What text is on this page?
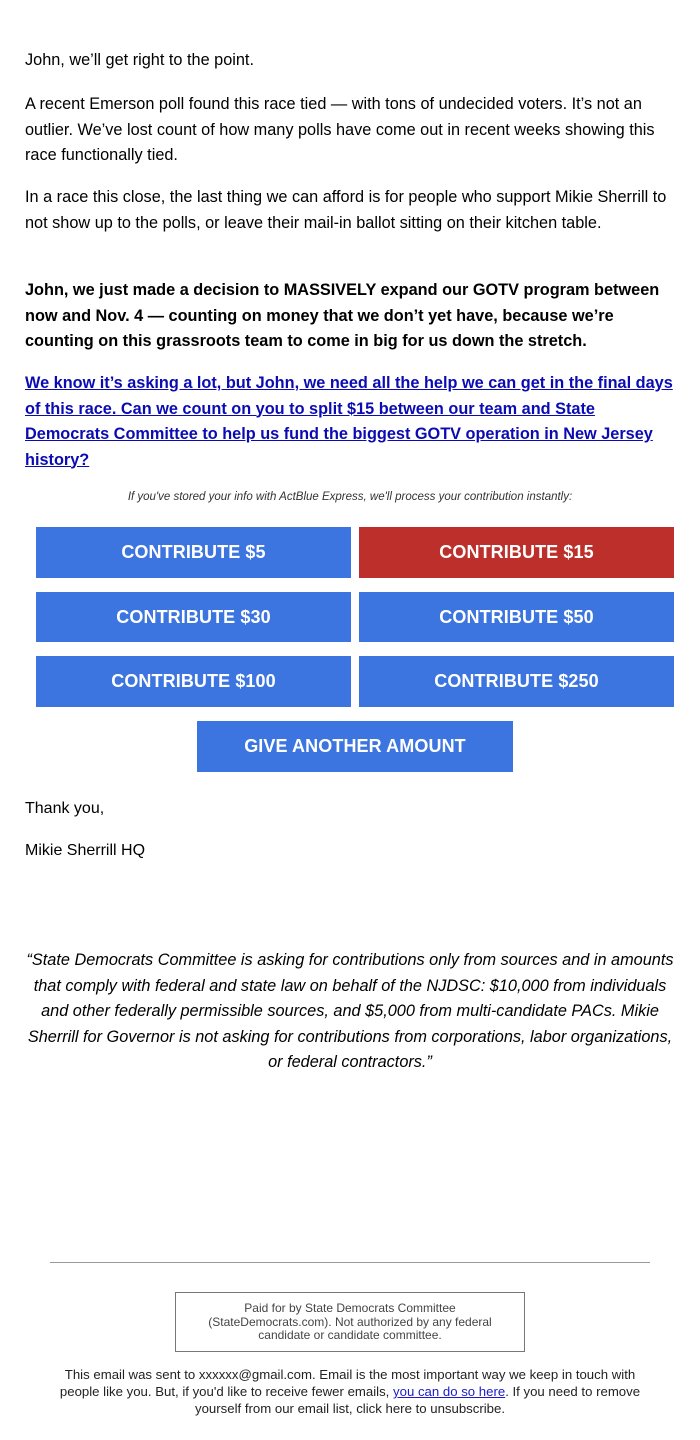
John, we’ll get right to the point.

A recent Emerson poll found this race tied — with tons of undecided voters. It’s not an outlier. We’ve lost count of how many polls have come out in recent weeks showing this race functionally tied.

In a race this close, the last thing we can afford is for people who support Mikie Sherrill to not show up to the polls, or leave their mail-in ballot sitting on their kitchen table.

John, we just made a decision to MASSIVELY expand our GOTV program between now and Nov. 4 — counting on money that we don’t yet have, because we’re counting on this grassroots team to come in big for us down the stretch.

We know it’s asking a lot, but John, we need all the help we can get in the final days of this race. Can we count on you to split $15 between our team and State Democrats Committee to help us fund the biggest GOTV operation in New Jersey history?

If you've stored your info with ActBlue Express, we'll process your contribution instantly:
CONTRIBUTE $5	CONTRIBUTE $15
CONTRIBUTE $30	CONTRIBUTE $50
CONTRIBUTE $100	CONTRIBUTE $250
GIVE ANOTHER AMOUNT
Thank you,
Mikie Sherrill HQ
“State Democrats Committee is asking for contributions only from sources and in amounts that comply with federal and state law on behalf of the NJDSC: $10,000 from individuals and other federally permissible sources, and $5,000 from multi-candidate PACs. Mikie Sherrill for Governor is not asking for contributions from corporations, labor organizations, or federal contractors.”
Paid for by State Democrats Committee (StateDemocrats.com). Not authorized by any federal candidate or candidate committee.
This email was sent to xxxxxx@gmail.com. Email is the most important way we keep in touch with people like you. But, if you'd like to receive fewer emails, you can do so here. If you need to remove yourself from our email list, click here to unsubscribe.
